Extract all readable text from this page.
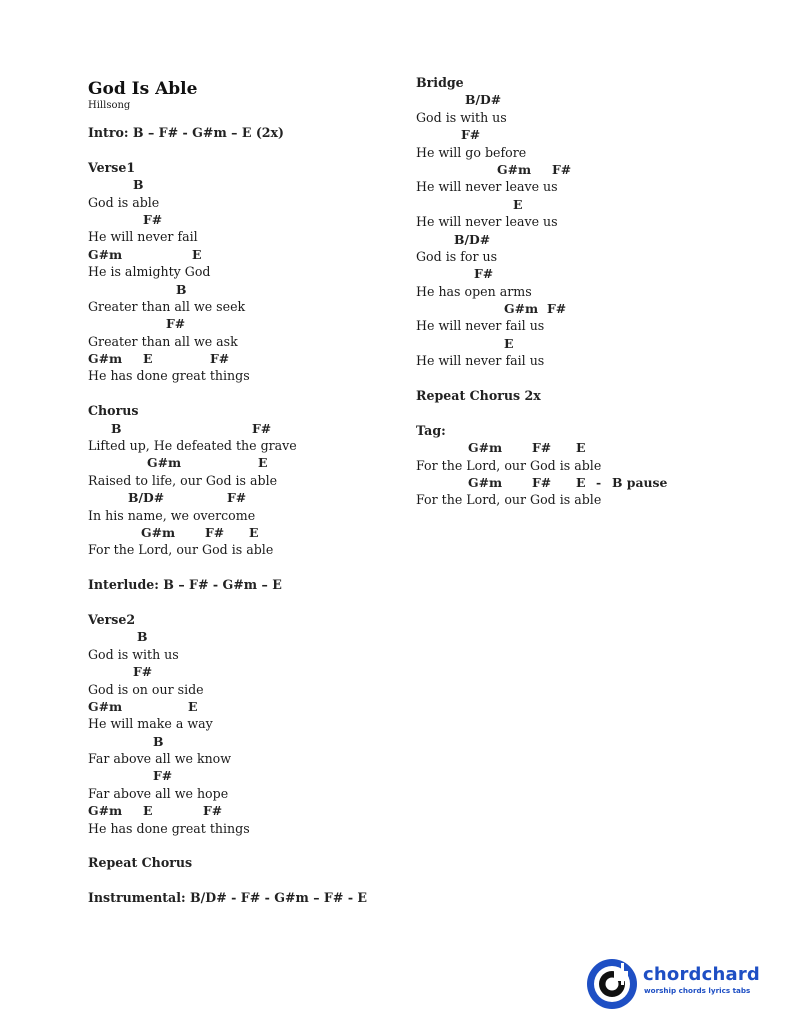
God Is Able
Hillsong
Intro: B – F# - G#m – E (2x)
Verse1
B
God is able
F#
He will never fail
G#m	E
He is almighty God
B
Greater than all we seek
F#
Greater than all we ask
G#m E	F#
He has done great things
Chorus
B	F#
Lifted up, He defeated the grave
G#m	E
Raised to life, our God is able
B/D#	F#
In his name, we overcome
G#m F# E
For the Lord, our God is able
Interlude: B – F# - G#m – E
Verse2
B
God is with us
F#
God is on our side
G#m	E
He will make a way
B
Far above all we know
F#
Far above all we hope
G#m E	F#
He has done great things
Repeat Chorus
Instrumental: B/D# - F# - G#m – F# - E
Bridge
B/D#
God is with us
F#
He will go before
G#m F#
He will never leave us
E
He will never leave us
B/D#
God is for us
F#
He has open arms
G#m F#
He will never fail us
E
He will never fail us
Repeat Chorus 2x
Tag:
G#m F# E
For the Lord, our God is able
G#m F# E - B pause
For the Lord, our God is able
chordchard
worship chords lyrics tabs
